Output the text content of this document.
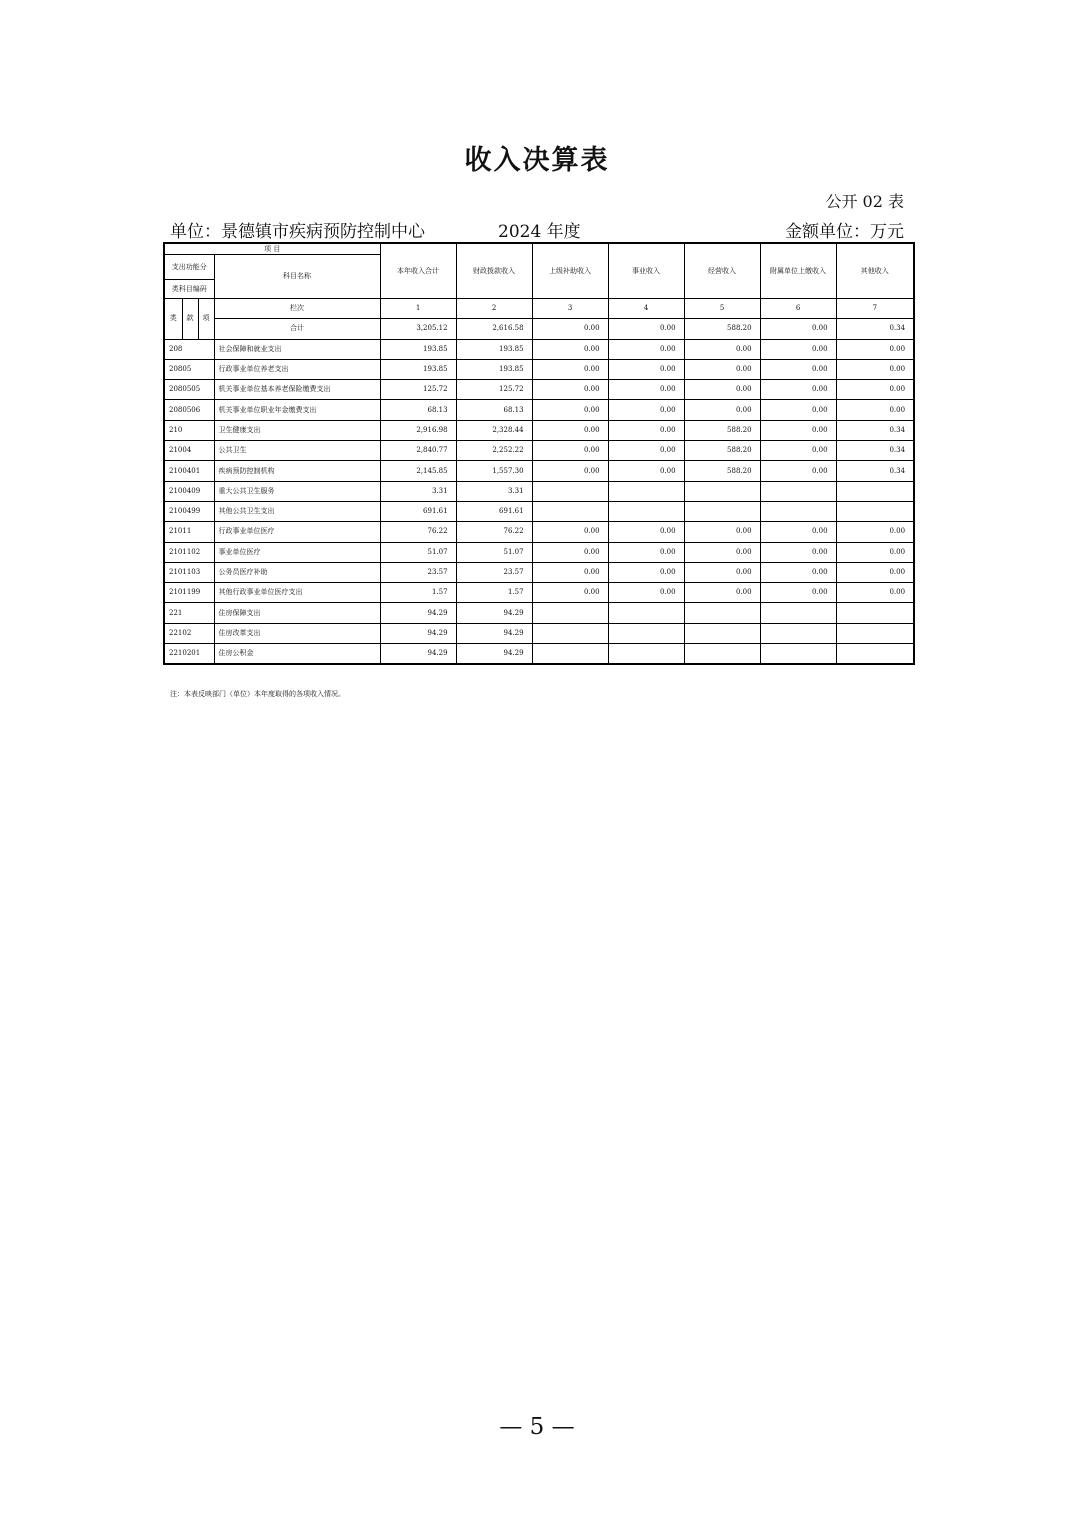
收入决算表
公开 02 表
单位：景德镇市疾病预防控制中心	2024 年度	金额单位：万元
项 目				本年收入合计	财政拨款收入	上级补助收入	事业收入	经营收入	附属单位上缴收入	其他收入

支出功能分			科目名称							
类科目编码										
类	款	项	栏次	1	2	3	4	5	6	7
			合计	3,205.12	2,616.58	0.00	0.00	588.20	0.00	0.34
208			社会保障和就业支出	193.85	193.85	0.00	0.00	0.00	0.00	0.00
20805			行政事业单位养老支出	193.85	193.85	0.00	0.00	0.00	0.00	0.00
2080505			机关事业单位基本养老保险缴费支出	125.72	125.72	0.00	0.00	0.00	0.00	0.00
2080506			机关事业单位职业年金缴费支出	68.13	68.13	0.00	0.00	0.00	0.00	0.00
210			卫生健康支出	2,916.98	2,328.44	0.00	0.00	588.20	0.00	0.34
21004			公共卫生	2,840.77	2,252.22	0.00	0.00	588.20	0.00	0.34
2100401			疾病预防控制机构	2,145.85	1,557.30	0.00	0.00	588.20	0.00	0.34
2100409			重大公共卫生服务	3.31	3.31					
2100499			其他公共卫生支出	691.61	691.61					
21011			行政事业单位医疗	76.22	76.22	0.00	0.00	0.00	0.00	0.00
2101102			事业单位医疗	51.07	51.07	0.00	0.00	0.00	0.00	0.00
2101103			公务员医疗补助	23.57	23.57	0.00	0.00	0.00	0.00	0.00
2101199			其他行政事业单位医疗支出	1.57	1.57	0.00	0.00	0.00	0.00	0.00
221			住房保障支出	94.29	94.29					
22102			住房改革支出	94.29	94.29					
2210201			住房公积金	94.29	94.29					
注：本表反映部门（单位）本年度取得的各项收入情况。
— 5 —
